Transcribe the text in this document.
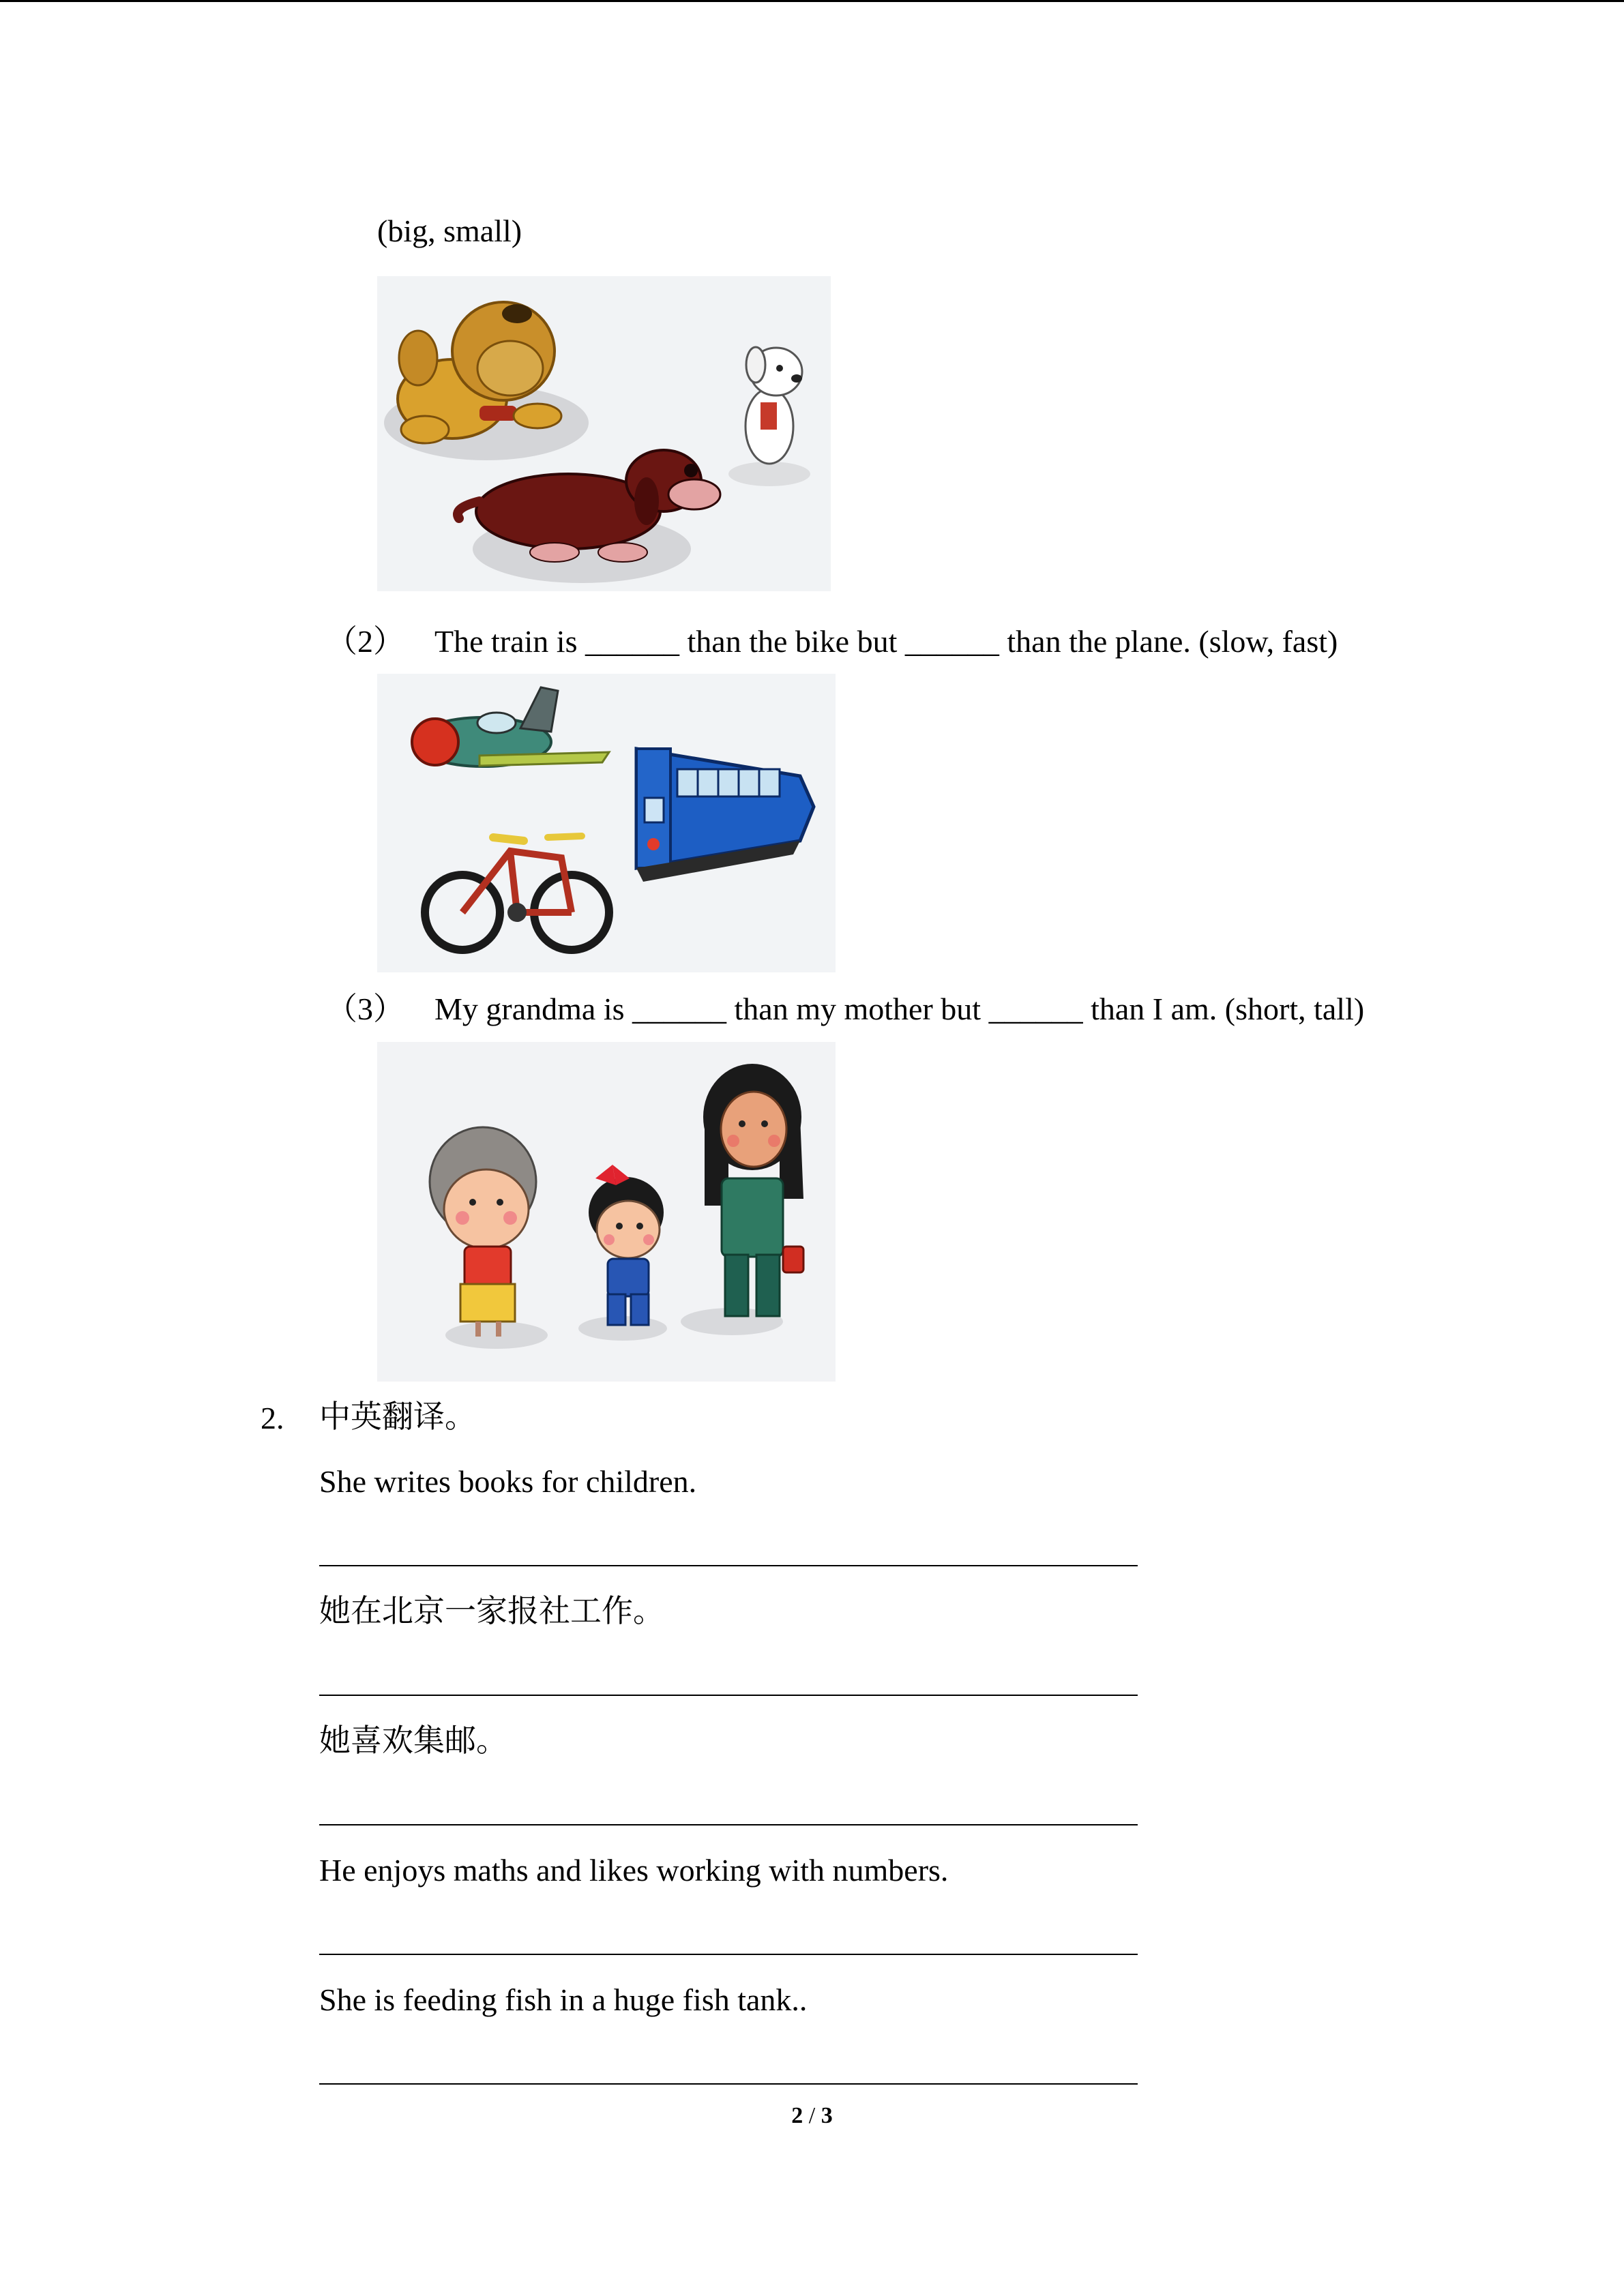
(big, small)
（2） The train is ______ than the bike but ______ than the plane. (slow, fast)
（3） My grandma is ______ than my mother but ______ than I am. (short, tall)
2. 中英翻译。
She writes books for children.
她在北京一家报社工作。
她喜欢集邮。
He enjoys maths and likes working with numbers.
She is feeding fish in a huge fish tank..
2 / 3
